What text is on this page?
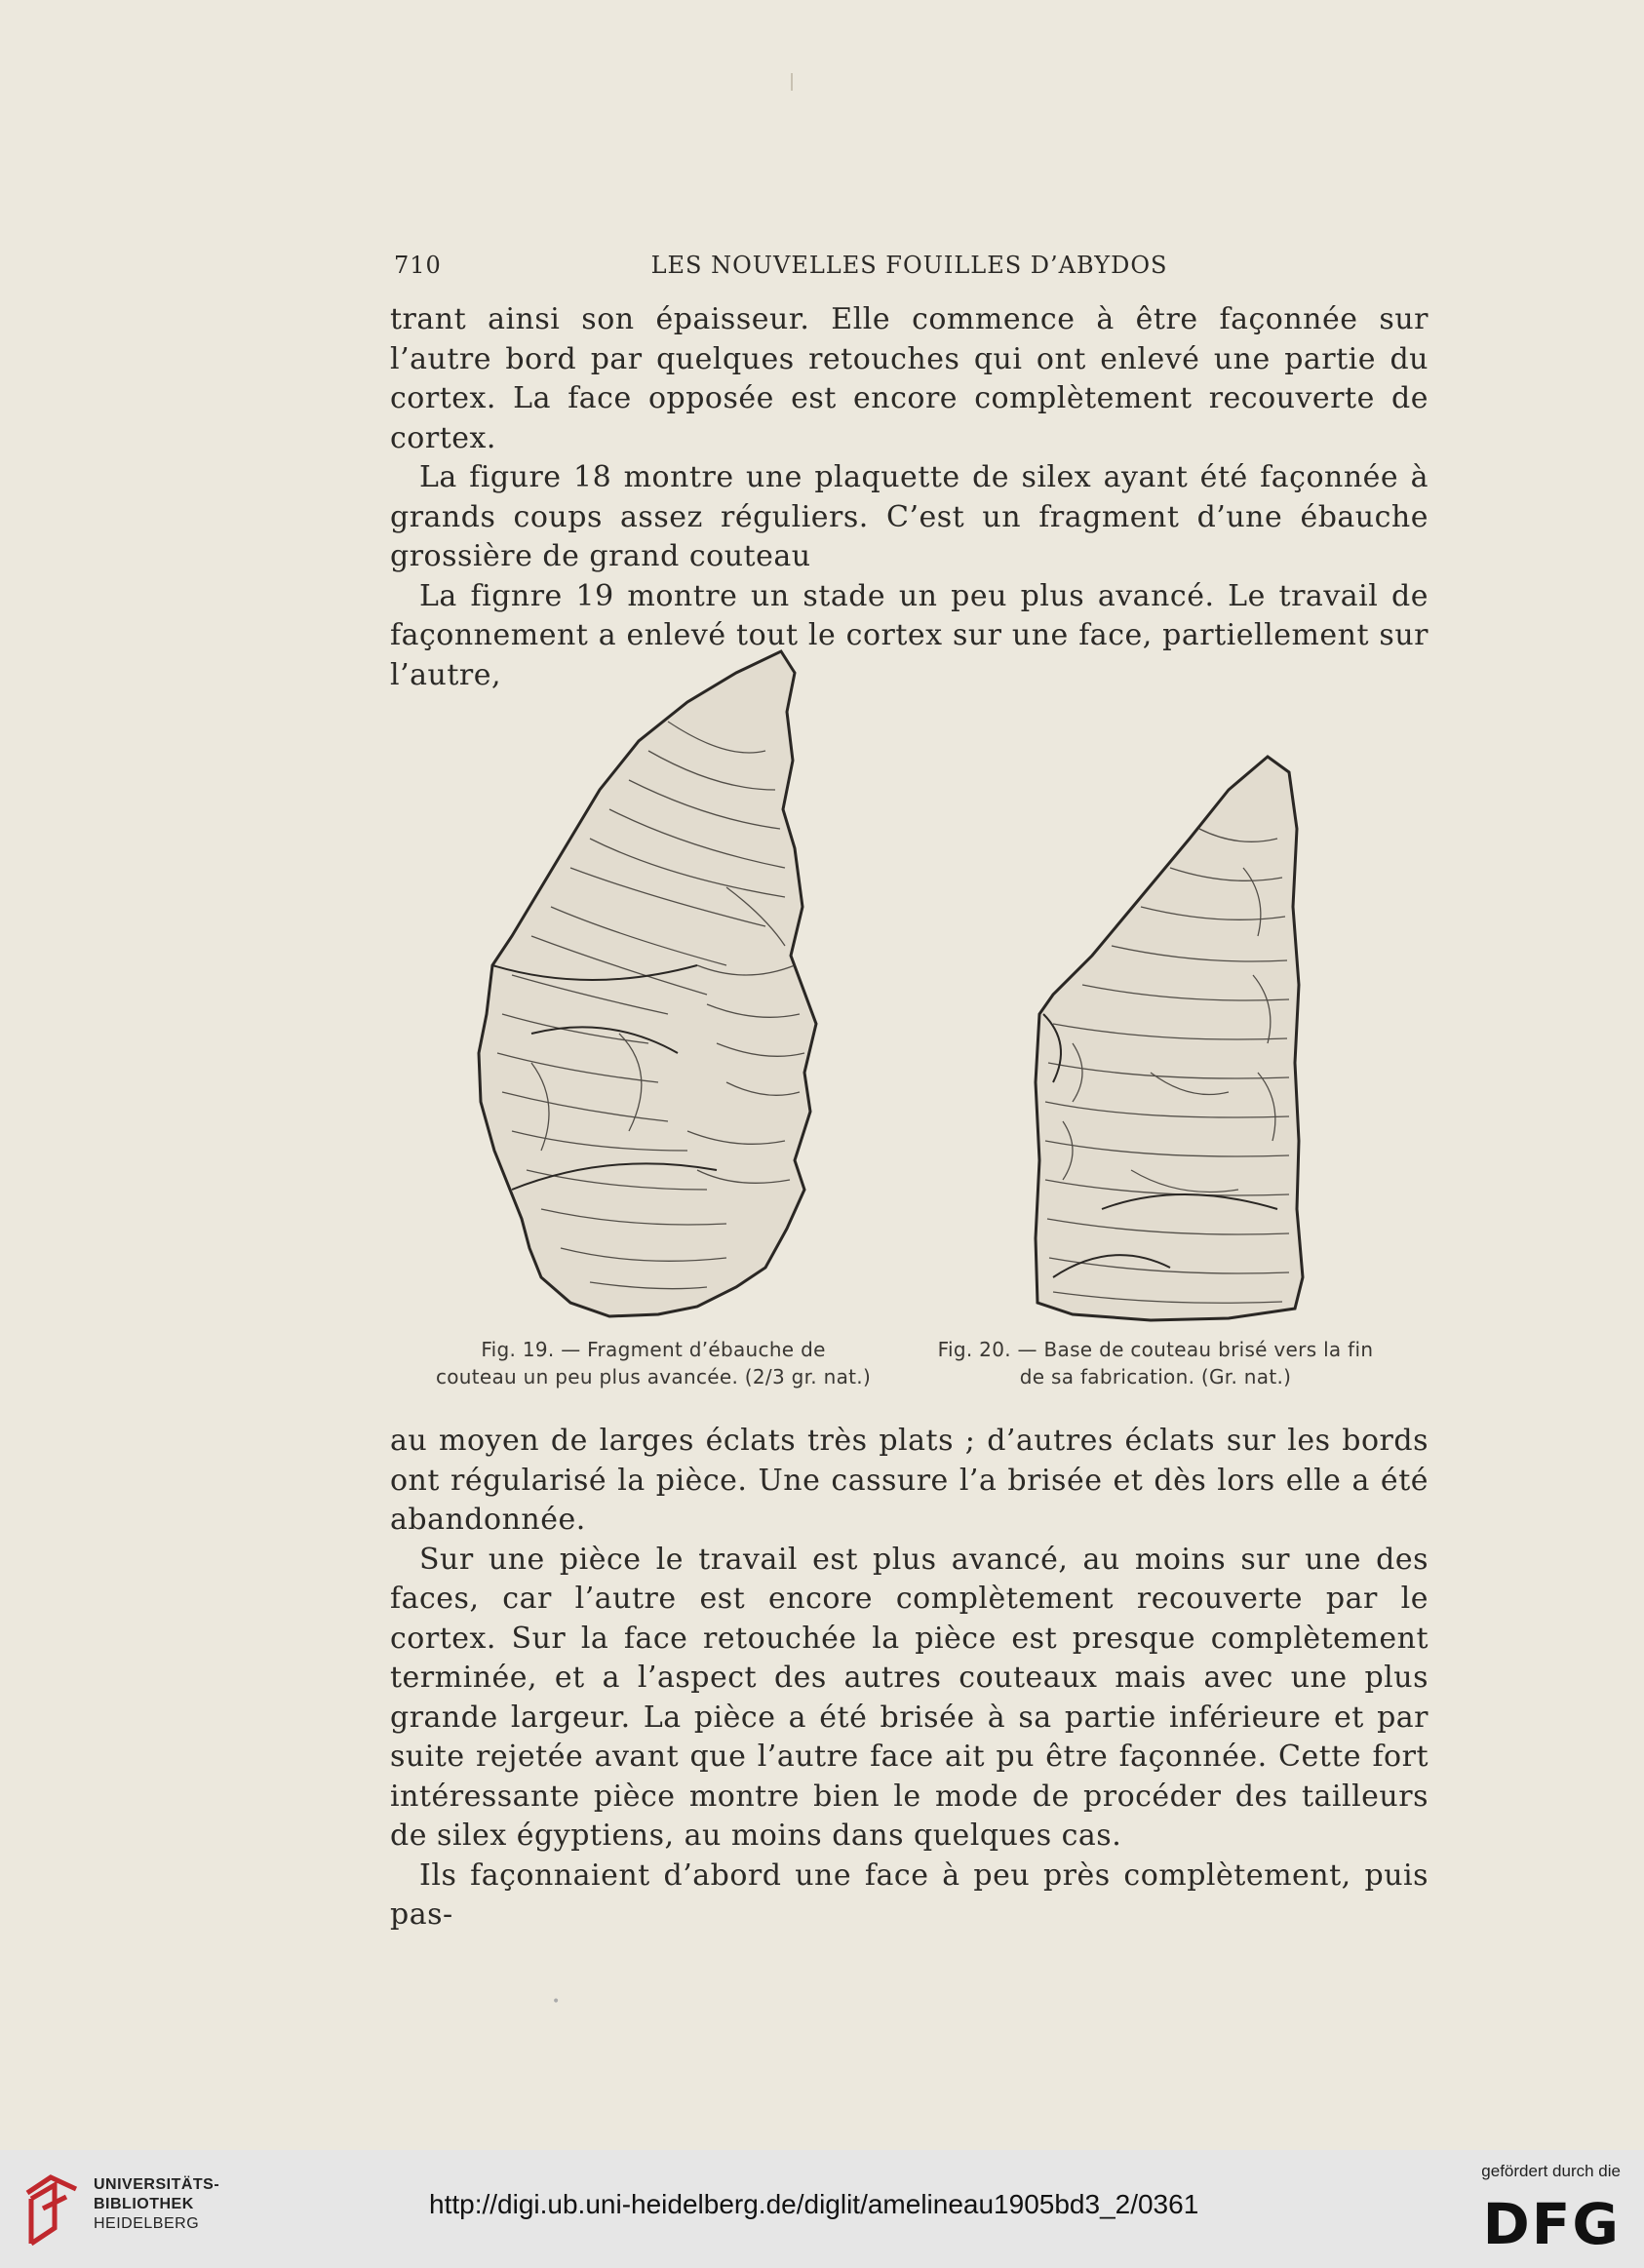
710	LES NOUVELLES FOUILLES D’ABYDOS

trant ainsi son épaisseur. Elle commence à être façonnée sur l’autre bord par quelques retouches qui ont enlevé une partie du cortex. La face opposée est encore complètement recouverte de cortex.

La figure 18 montre une plaquette de silex ayant été façonnée à grands coups assez réguliers. C’est un fragment d’une ébauche grossière de grand couteau

La fignre 19 montre un stade un peu plus avancé. Le travail de façonnement a enlevé tout le cortex sur une face, partiellement sur l’autre,

Fig. 19. — Fragment d’ébauche de
couteau un peu plus avancée. (2/3 gr. nat.)
Fig. 20. — Base de couteau brisé vers la fin
de sa fabrication. (Gr. nat.)

au moyen de larges éclats très plats ; d’autres éclats sur les bords ont régularisé la pièce. Une cassure l’a brisée et dès lors elle a été abandonnée.

Sur une pièce le travail est plus avancé, au moins sur une des faces, car l’autre est encore complètement recouverte par le cortex. Sur la face retouchée la pièce est presque complètement terminée, et a l’aspect des autres couteaux mais avec une plus grande largeur. La pièce a été brisée à sa partie inférieure et par suite rejetée avant que l’autre face ait pu être façonnée. Cette fort intéressante pièce montre bien le mode de procéder des tailleurs de silex égyptiens, au moins dans quelques cas.

Ils façonnaient d’abord une face à peu près complètement, puis pas-

•
UNIVERSITÄTS-
BIBLIOTHEK
HEIDELBERG
http://digi.ub.uni-heidelberg.de/diglit/amelineau1905bd3_2/0361
gefördert durch die
DFG
